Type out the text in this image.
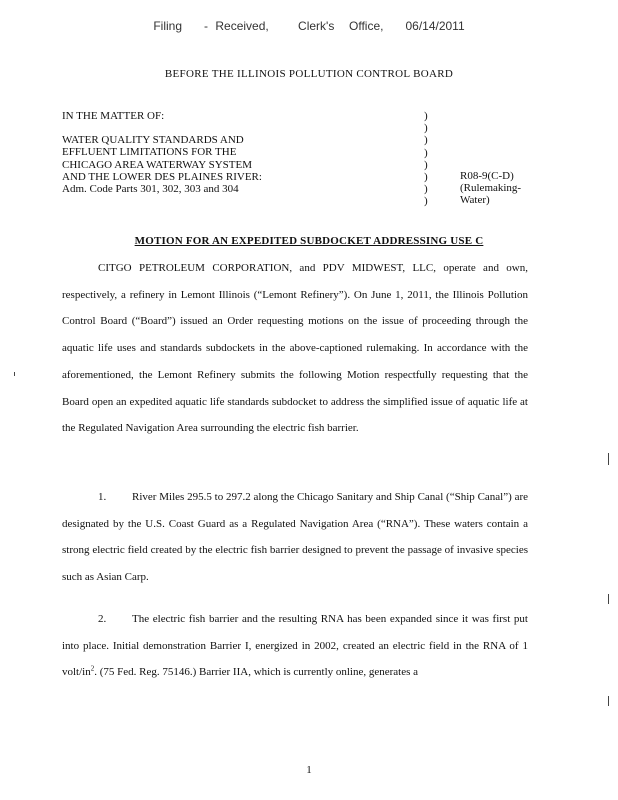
Filing   - Received,    Clerk's  Office,   06/14/2011
BEFORE THE ILLINOIS POLLUTION CONTROL BOARD
IN THE MATTER OF:
WATER QUALITY STANDARDS AND
EFFLUENT LIMITATIONS FOR THE
CHICAGO AREA WATERWAY SYSTEM
AND THE LOWER DES PLAINES RIVER:
Adm. Code Parts 301, 302, 303 and 304
)
)
)
)
)
)
)
)
R08-9(C-D)
(Rulemaking-
Water)
MOTION FOR AN EXPEDITED SUBDOCKET ADDRESSING USE C
CITGO PETROLEUM CORPORATION, and PDV MIDWEST, LLC, operate and own, respectively, a refinery in Lemont Illinois (“Lemont Refinery”). On June 1, 2011, the Illinois Pollution Control Board (“Board”) issued an Order requesting motions on the issue of proceeding through the aquatic life uses and standards subdockets in the above-captioned rulemaking. In accordance with the aforementioned, the Lemont Refinery submits the following Motion respectfully requesting that the Board open an expedited aquatic life standards subdocket to address the simplified issue of aquatic life at the Regulated Navigation Area surrounding the electric fish barrier.
1. River Miles 295.5 to 297.2 along the Chicago Sanitary and Ship Canal (“Ship Canal”) are designated by the U.S. Coast Guard as a Regulated Navigation Area (“RNA”). These waters contain a strong electric field created by the electric fish barrier designed to prevent the passage of invasive species such as Asian Carp.
2. The electric fish barrier and the resulting RNA has been expanded since it was first put into place. Initial demonstration Barrier I, energized in 2002, created an electric field in the RNA of 1 volt/$in^2$. (75 Fed. Reg. 75146.) Barrier IIA, which is currently online, generates a
1
